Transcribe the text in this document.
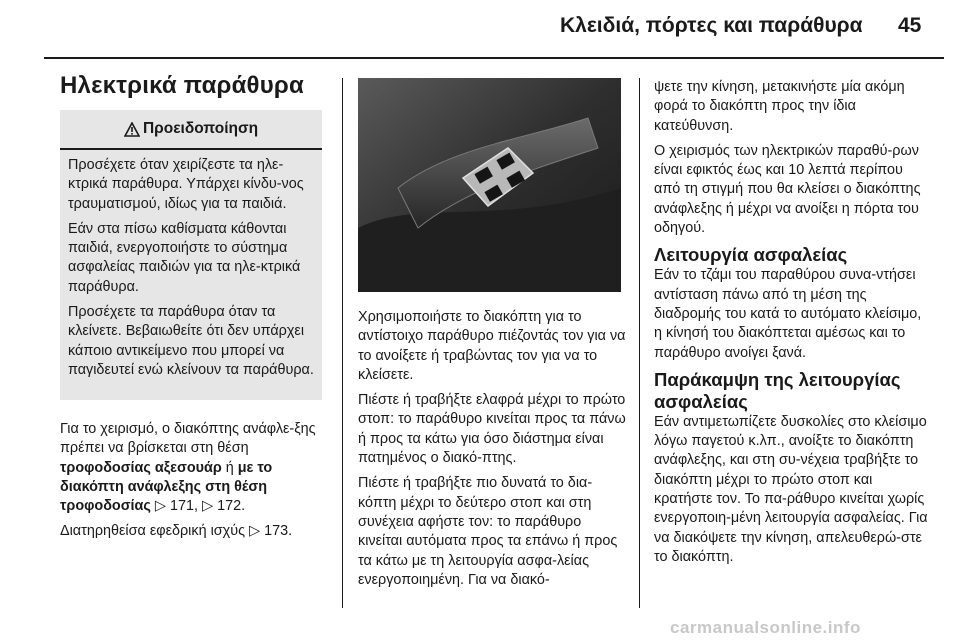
Κλειδιά, πόρτες και παράθυρα 45
Ηλεκτρικά παράθυρα
Προειδοποίηση

Προσέχετε όταν χειρίζεστε τα ηλε-κτρικά παράθυρα. Υπάρχει κίνδυ-νος τραυματισμού, ιδίως για τα παιδιά.

Εάν στα πίσω καθίσματα κάθονται παιδιά, ενεργοποιήστε το σύστημα ασφαλείας παιδιών για τα ηλε-κτρικά παράθυρα.

Προσέχετε τα παράθυρα όταν τα κλείνετε. Βεβαιωθείτε ότι δεν υπάρχει κάποιο αντικείμενο που μπορεί να παγιδευτεί ενώ κλείνουν τα παράθυρα.

Για το χειρισμό, ο διακόπτης ανάφλε-ξης πρέπει να βρίσκεται στη θέση τροφοδοσίας αξεσουάρ ή με το διακόπτη ανάφλεξης στη θέση τροφοδοσίας ▷ 171, ▷ 172.

Διατηρηθείσα εφεδρική ισχύς ▷ 173.

Χρησιμοποιήστε το διακόπτη για το αντίστοιχο παράθυρο πιέζοντάς τον για να το ανοίξετε ή τραβώντας τον για να το κλείσετε.

Πιέστε ή τραβήξτε ελαφρά μέχρι το πρώτο στοπ: το παράθυρο κινείται προς τα πάνω ή προς τα κάτω για όσο διάστημα είναι πατημένος ο διακό-πτης.

Πιέστε ή τραβήξτε πιο δυνατά το δια-κόπτη μέχρι το δεύτερο στοπ και στη συνέχεια αφήστε τον: το παράθυρο κινείται αυτόματα προς τα επάνω ή προς τα κάτω με τη λειτουργία ασφα-λείας ενεργοποιημένη. Για να διακό-

ψετε την κίνηση, μετακινήστε μία ακόμη φορά το διακόπτη προς την ίδια κατεύθυνση.

Ο χειρισμός των ηλεκτρικών παραθύ-ρων είναι εφικτός έως και 10 λεπτά περίπου από τη στιγμή που θα κλείσει ο διακόπτης ανάφλεξης ή μέχρι να ανοίξει η πόρτα του οδηγού.

Λειτουργία ασφαλείας

Εάν το τζάμι του παραθύρου συνα-ντήσει αντίσταση πάνω από τη μέση της διαδρομής του κατά το αυτόματο κλείσιμο, η κίνησή του διακόπτεται αμέσως και το παράθυρο ανοίγει ξανά.

Παράκαμψη της λειτουργίας ασφαλείας

Εάν αντιμετωπίζετε δυσκολίες στο κλείσιμο λόγω παγετού κ.λπ., ανοίξτε το διακόπτη ανάφλεξης, και στη συ-νέχεια τραβήξτε το διακόπτη μέχρι το πρώτο στοπ και κρατήστε τον. Το πα-ράθυρο κινείται χωρίς ενεργοποιη-μένη λειτουργία ασφαλείας. Για να διακόψετε την κίνηση, απελευθερώ-στε το διακόπτη.

carmanualsonline.info
